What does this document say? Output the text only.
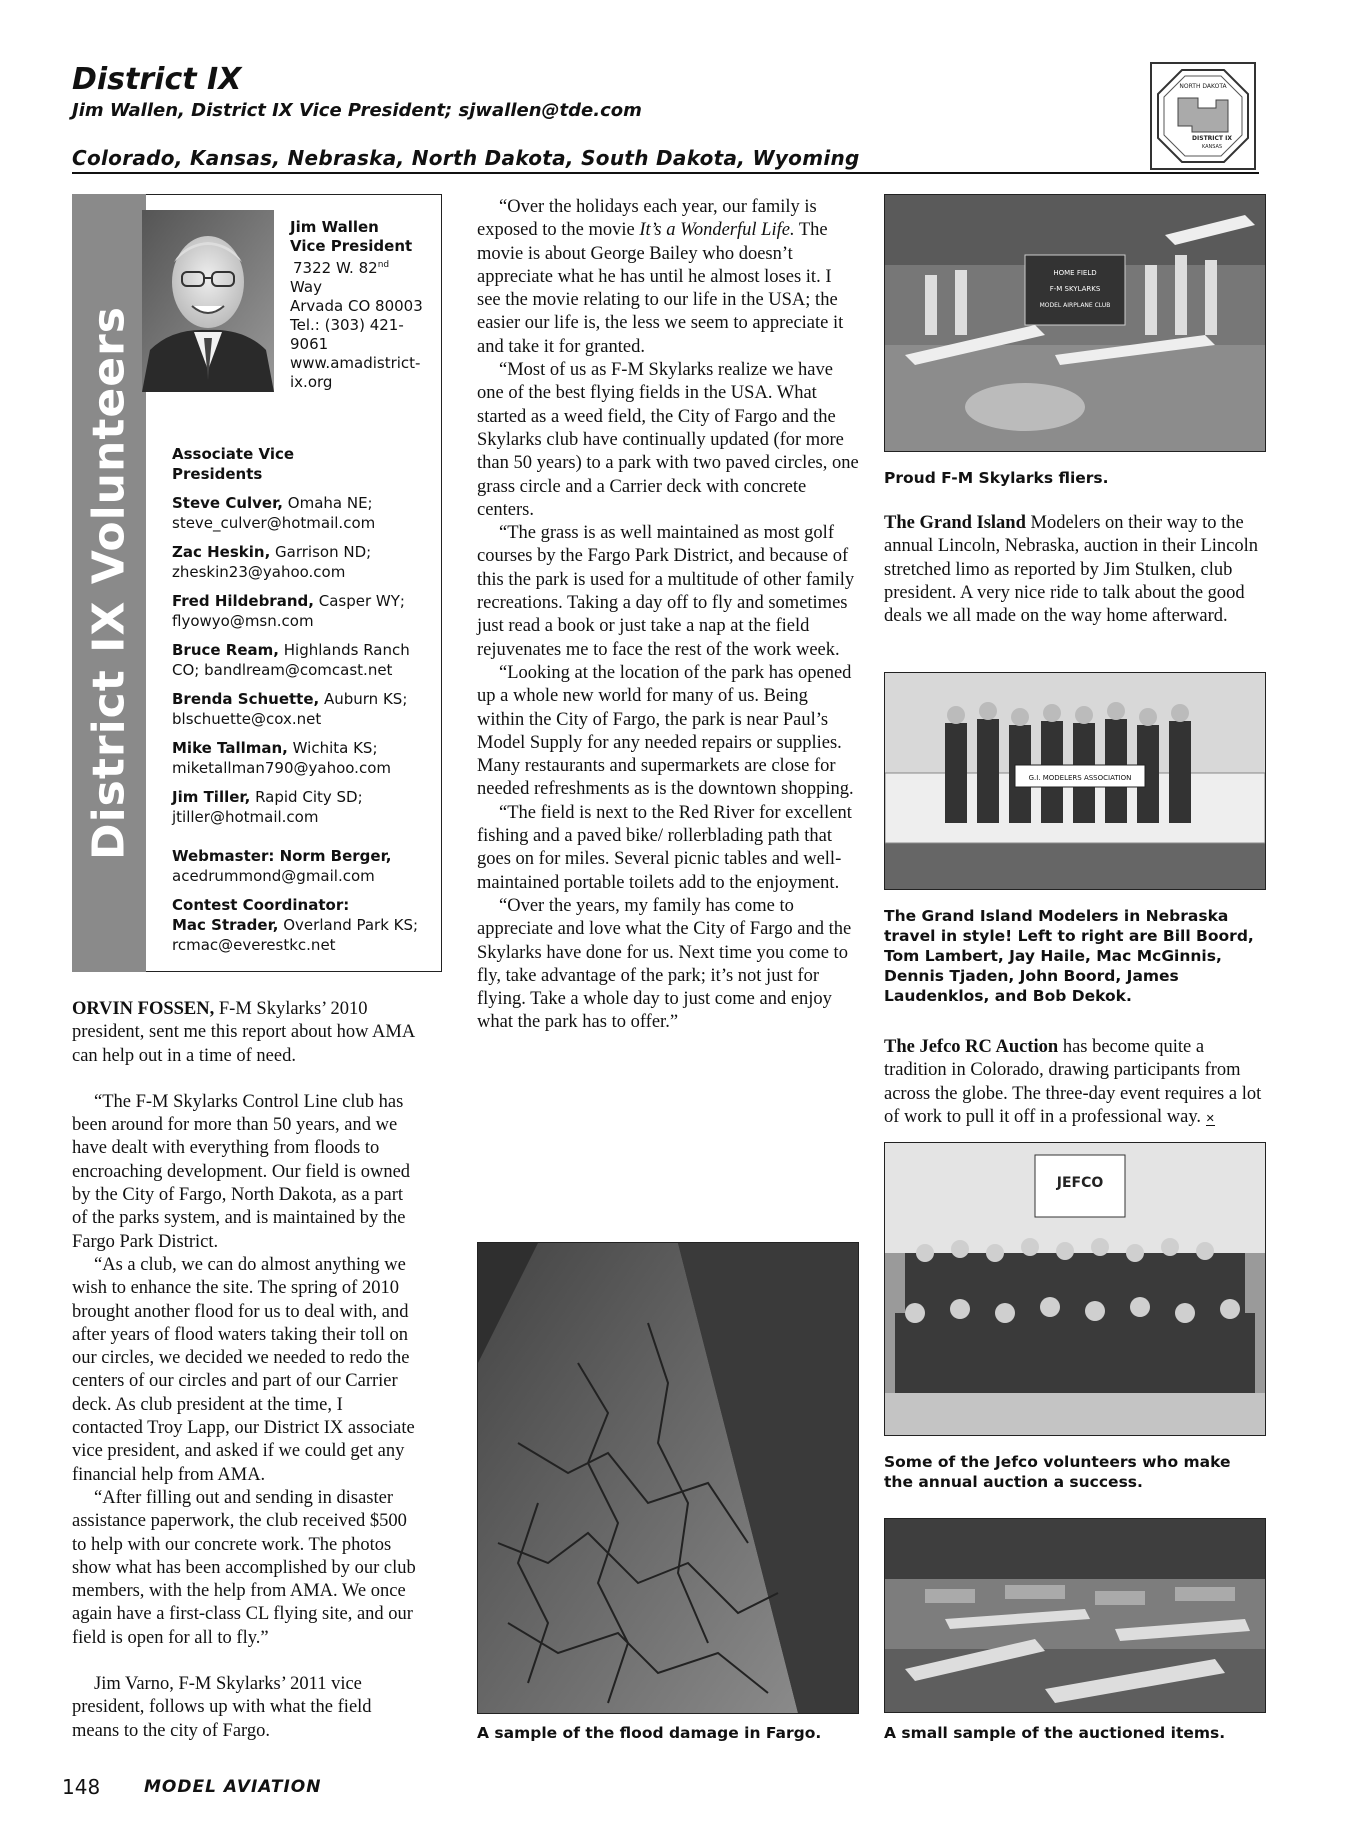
District IX
Jim Wallen, District IX Vice President; sjwallen@tde.com
Colorado, Kansas, Nebraska, North Dakota, South Dakota, Wyoming
NORTH DAKOTA
DISTRICT IX
KANSAS
District IX Volunteers
Jim Wallen
Vice President
7322 W. 82nd
Way
Arvada CO 80003
Tel.: (303) 421-
9061
www.amadistrict-
ix.org
Associate Vice
Presidents
Steve Culver, Omaha NE;
steve_culver@hotmail.com
Zac Heskin, Garrison ND;
zheskin23@yahoo.com
Fred Hildebrand, Casper WY;
flyowyo@msn.com
Bruce Ream, Highlands Ranch
CO; bandlream@comcast.net
Brenda Schuette, Auburn KS;
blschuette@cox.net
Mike Tallman, Wichita KS;
miketallman790@yahoo.com
Jim Tiller, Rapid City SD;
jtiller@hotmail.com
Webmaster: Norm Berger,
acedrummond@gmail.com
Contest Coordinator:
Mac Strader, Overland Park KS;
rcmac@everestkc.net

ORVIN FOSSEN, F-M Skylarks’ 2010 president, sent me this report about how AMA can help out in a time of need.

“The F-M Skylarks Control Line club has been around for more than 50 years, and we have dealt with everything from floods to encroaching development. Our field is owned by the City of Fargo, North Dakota, as a part of the parks system, and is maintained by the Fargo Park District.

“As a club, we can do almost anything we wish to enhance the site. The spring of 2010 brought another flood for us to deal with, and after years of flood waters taking their toll on our circles, we decided we needed to redo the centers of our circles and part of our Carrier deck. As club president at the time, I contacted Troy Lapp, our District IX associate vice president, and asked if we could get any financial help from AMA.

“After filling out and sending in disaster assistance paperwork, the club received $500 to help with our concrete work. The photos show what has been accomplished by our club members, with the help from AMA. We once again have a first-class CL flying site, and our field is open for all to fly.”

Jim Varno, F-M Skylarks’ 2011 vice president, follows up with what the field means to the city of Fargo.

“Over the holidays each year, our family is exposed to the movie It’s a Wonderful Life. The movie is about George Bailey who doesn’t appreciate what he has until he almost loses it. I see the movie relating to our life in the USA; the easier our life is, the less we seem to appreciate it and take it for granted.

“Most of us as F-M Skylarks realize we have one of the best flying fields in the USA. What started as a weed field, the City of Fargo and the Skylarks club have continually updated (for more than 50 years) to a park with two paved circles, one grass circle and a Carrier deck with concrete centers.

“The grass is as well maintained as most golf courses by the Fargo Park District, and because of this the park is used for a multitude of other family recreations. Taking a day off to fly and sometimes just read a book or just take a nap at the field rejuvenates me to face the rest of the work week.

“Looking at the location of the park has opened up a whole new world for many of us. Being within the City of Fargo, the park is near Paul’s Model Supply for any needed repairs or supplies. Many restaurants and supermarkets are close for needed refreshments as is the downtown shopping.

“The field is next to the Red River for excellent fishing and a paved bike/ rollerblading path that goes on for miles. Several picnic tables and well-maintained portable toilets add to the enjoyment.

“Over the years, my family has come to appreciate and love what the City of Fargo and the Skylarks have done for us. Next time you come to fly, take advantage of the park; it’s not just for flying. Take a whole day to just come and enjoy what the park has to offer.”

A sample of the flood damage in Fargo.
HOME FIELD
F-M SKYLARKS
MODEL AIRPLANE CLUB
Proud F-M Skylarks fliers.

The Grand Island Modelers on their way to the annual Lincoln, Nebraska, auction in their Lincoln stretched limo as reported by Jim Stulken, club president. A very nice ride to talk about the good deals we all made on the way home afterward.

G.I. MODELERS ASSOCIATION
The Grand Island Modelers in Nebraska travel in style! Left to right are Bill Boord, Tom Lambert, Jay Haile, Mac McGinnis, Dennis Tjaden, John Boord, James Laudenklos, and Bob Dekok.

The Jefco RC Auction has become quite a tradition in Colorado, drawing participants from across the globe. The three-day event requires a lot of work to pull it off in a professional way. ✕

JEFCO
Some of the Jefco volunteers who make the annual auction a success.
A small sample of the auctioned items.
148	MODEL AVIATION
